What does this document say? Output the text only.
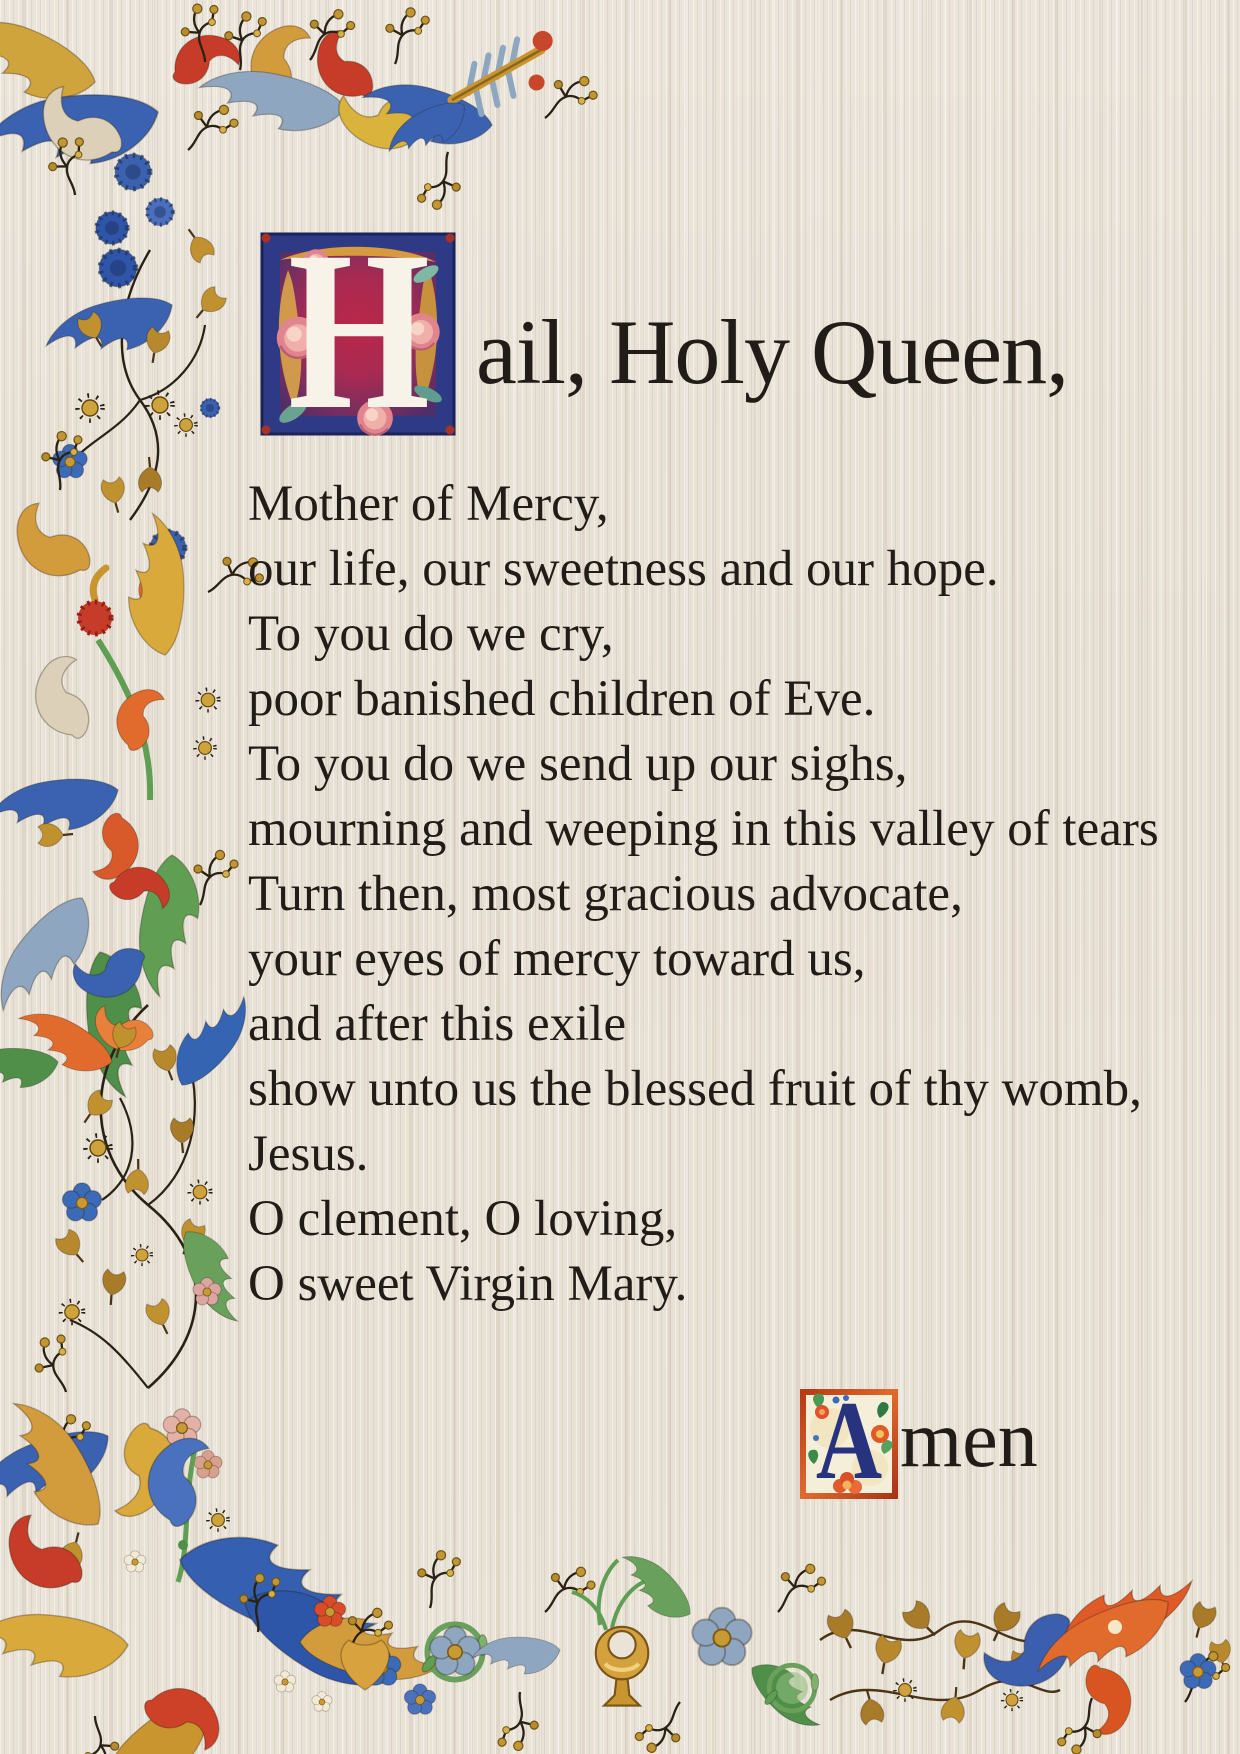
H ail, Holy Queen,
Mother of Mercy,
our life, our sweetness and our hope.
To you do we cry,
poor banished children of Eve.
To you do we send up our sighs,
mourning and weeping in this valley of tears
Turn then, most gracious advocate,
your eyes of mercy toward us,
and after this exile
show unto us the blessed fruit of thy womb,
Jesus.
O clement, O loving,
O sweet Virgin Mary.
A men
